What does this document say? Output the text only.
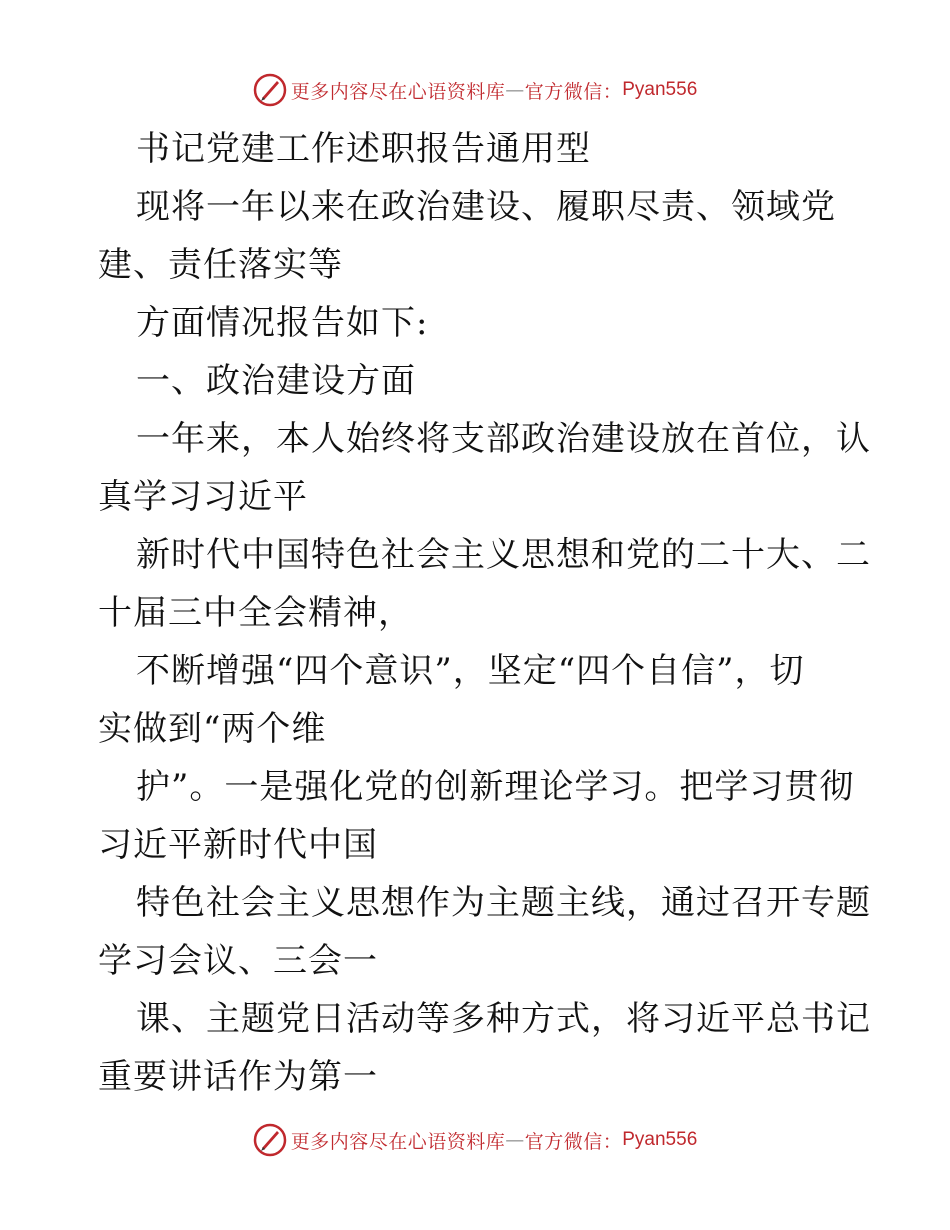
更多内容尽在心语资料库 — 官方微信： Pyan556
书记党建工作述职报告通用型
现将一年以来在政治建设、履职尽责、领域党
建、责任落实等
方面情况报告如下:
一、政治建设方面
一年来，本人始终将支部政治建设放在首位，认
真学习习近平
新时代中国特色社会主义思想和党的二十大、二
十届三中全会精神，
不断增强“四个意识”，坚定“四个自信”，切
实做到“两个维
护”。一是强化党的创新理论学习。把学习贯彻
习近平新时代中国
特色社会主义思想作为主题主线，通过召开专题
学习会议、三会一
课、主题党日活动等多种方式，将习近平总书记
重要讲话作为第一
更多内容尽在心语资料库 — 官方微信： Pyan556
